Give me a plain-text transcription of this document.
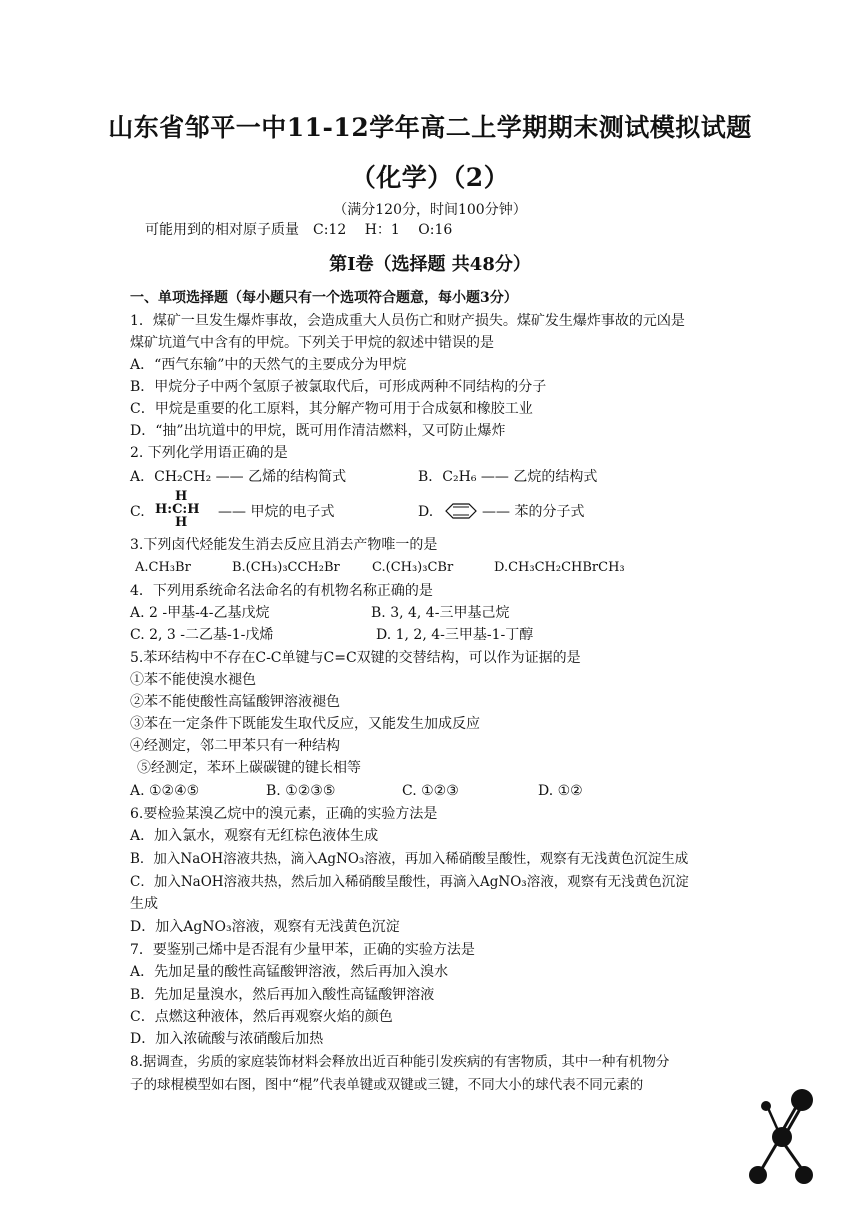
山东省邹平一中11-12学年高二上学期期末测试模拟试题
（化学）（2）
（满分120分，时间100分钟）
可能用到的相对原子质量　C:12　 H：1　 O:16
第Ⅰ卷（选择题 共48分）
一、单项选择题（每小题只有一个选项符合题意，每小题3分）
1．煤矿一旦发生爆炸事故，会造成重大人员伤亡和财产损失。煤矿发生爆炸事故的元凶是
煤矿坑道气中含有的甲烷。下列关于甲烷的叙述中错误的是
A．“西气东输”中的天然气的主要成分为甲烷
B．甲烷分子中两个氢原子被氯取代后，可形成两种不同结构的分子
C．甲烷是重要的化工原料，其分解产物可用于合成氨和橡胶工业
D．“抽”出坑道中的甲烷，既可用作清洁燃料，又可防止爆炸
2. 下列化学用语正确的是
A．CH₂CH₂ —— 乙烯的结构简式	B．C₂H₆ —— 乙烷的结构式
C.
H
H:C:H
H
—— 甲烷的电子式	D.	—— 苯的分子式
3.下列卤代烃能发生消去反应且消去产物唯一的是
A.CH₃Br	B.(CH₃)₃CCH₂Br C.(CH₃)₃CBr	D.CH₃CH₂CHBrCH₃
4．下列用系统命名法命名的有机物名称正确的是
A. 2 -甲基-4-乙基戊烷	B. 3, 4, 4-三甲基己烷
C. 2, 3 -二乙基-1-戊烯	D. 1, 2, 4-三甲基-1-丁醇
5.苯环结构中不存在C-C单键与C=C双键的交替结构，可以作为证据的是
①苯不能使溴水褪色
②苯不能使酸性高锰酸钾溶液褪色
③苯在一定条件下既能发生取代反应，又能发生加成反应
④经测定，邻二甲苯只有一种结构
⑤经测定，苯环上碳碳键的键长相等
A. ①②④⑤	B. ①②③⑤	C. ①②③	D. ①②
6.要检验某溴乙烷中的溴元素，正确的实验方法是
A．加入氯水，观察有无红棕色液体生成
B．加入NaOH溶液共热，滴入AgNO₃溶液，再加入稀硝酸呈酸性，观察有无浅黄色沉淀生成
C．加入NaOH溶液共热，然后加入稀硝酸呈酸性，再滴入AgNO₃溶液，观察有无浅黄色沉淀
生成
D．加入AgNO₃溶液，观察有无浅黄色沉淀
7．要鉴别己烯中是否混有少量甲苯，正确的实验方法是
A．先加足量的酸性高锰酸钾溶液，然后再加入溴水
B．先加足量溴水，然后再加入酸性高锰酸钾溶液
C．点燃这种液体，然后再观察火焰的颜色
D．加入浓硫酸与浓硝酸后加热
8.据调查，劣质的家庭装饰材料会释放出近百种能引发疾病的有害物质，其中一种有机物分
子的球棍模型如右图，图中“棍”代表单键或双键或三键，不同大小的球代表不同元素的
